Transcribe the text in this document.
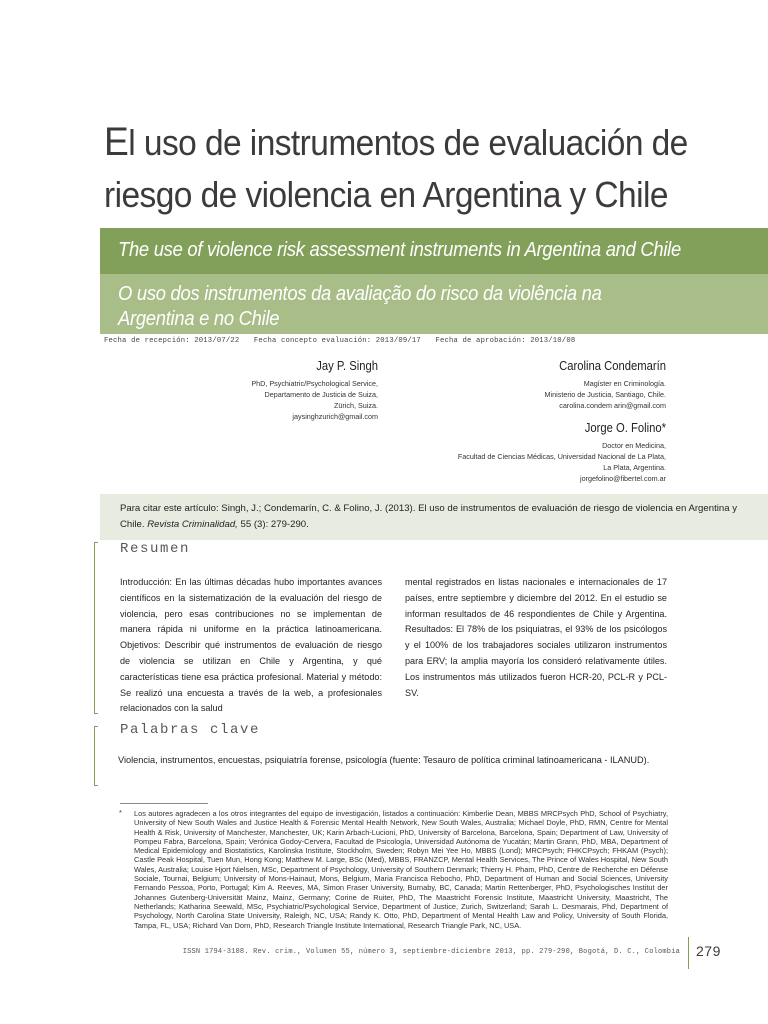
El uso de instrumentos de evaluación de
riesgo de violencia en Argentina y Chile
The use of violence risk assessment instruments in Argentina and Chile
O uso dos instrumentos da avaliação do risco da violência na
Argentina e no Chile
Fecha de recepción: 2013/07/22 Fecha concepto evaluación: 2013/09/17 Fecha de aprobación: 2013/10/08
Jay P. Singh
PhD, Psychiatric/Psychological Service,
Departamento de Justicia de Suiza,
Zürich, Suiza.
jaysinghzurich@gmail.com
Carolina Condemarín
Magíster en Criminología.
Ministerio de Justicia, Santiago, Chile.
carolina.condem arin@gmail.com
Jorge O. Folino*
Doctor en Medicina,
Facultad de Ciencias Médicas, Universidad Nacional de La Plata,
La Plata, Argentina.
jorgefolino@fibertel.com.ar
Para citar este artículo: Singh, J.; Condemarín, C. & Folino, J. (2013). El uso de instrumentos de evaluación de riesgo de violencia en Argentina y Chile. Revista Criminalidad, 55 (3): 279-290.
Resumen

Introducción: En las últimas décadas hubo importantes avances científicos en la sistematización de la evaluación del riesgo de violencia, pero esas contribuciones no se implementan de manera rápida ni uniforme en la práctica latinoamericana. Objetivos: Describir qué instrumentos de evaluación de riesgo de violencia se utilizan en Chile y Argentina, y qué características tiene esa práctica profesional. Material y método: Se realizó una encuesta a través de la web, a profesionales relacionados con la salud

mental registrados en listas nacionales e internacionales de 17 países, entre septiembre y diciembre del 2012. En el estudio se informan resultados de 46 respondientes de Chile y Argentina. Resultados: El 78% de los psiquiatras, el 93% de los psicólogos y el 100% de los trabajadores sociales utilizaron instrumentos para ERV; la amplia mayoría los consideró relativamente útiles. Los instrumentos más utilizados fueron HCR-20, PCL-R y PCL-SV.

Palabras clave
Violencia, instrumentos, encuestas, psiquiatría forense, psicología (fuente: Tesauro de política criminal latinoamericana - ILANUD).
* Los autores agradecen a los otros integrantes del equipo de investigación, listados a continuación: Kimberlie Dean, MBBS MRCPsych PhD, School of Psychiatry, University of New South Wales and Justice Health & Forensic Mental Health Network, New South Wales, Australia; Michael Doyle, PhD, RMN, Centre for Mental Health & Risk, University of Manchester, Manchester, UK; Karin Arbach-Lucioni, PhD, University of Barcelona, Barcelona, Spain; Department of Law, University of Pompeu Fabra, Barcelona, Spain; Verónica Godoy-Cervera, Facultad de Psicología, Universidad Autónoma de Yucatán; Martin Grann, PhD, MBA, Department of Medical Epidemiology and Biostatistics, Karolinska Institute, Stockholm, Sweden; Robyn Mei Yee Ho, MBBS (Lond); MRCPsych; FHKCPsych; FHKAM (Psych); Castle Peak Hospital, Tuen Mun, Hong Kong; Matthew M. Large, BSc (Med), MBBS, FRANZCP, Mental Health Services, The Prince of Wales Hospital, New South Wales, Australia; Louise Hjort Nielsen, MSc, Department of Psychology, University of Southern Denmark; Thierry H. Pham, PhD, Centre de Recherche en Défense Sociale, Tournai, Belgium; University of Mons-Hainaut, Mons, Belgium, Maria Francisca Rebocho, PhD, Department of Human and Social Sciences, University Fernando Pessoa, Porto, Portugal; Kim A. Reeves, MA, Simon Fraser University, Burnaby, BC, Canada; Martin Rettenberger, PhD, Psychologisches Institut der Johannes Gutenberg-Universität Mainz, Mainz, Germany; Corine de Ruiter, PhD, The Maastricht Forensic Institute, Maastricht University, Maastricht, The Netherlands; Katharina Seewald, MSc, Psychiatric/Psychological Service, Department of Justice, Zurich, Switzerland; Sarah L. Desmarais, Phd, Department of Psychology, North Carolina State University, Raleigh, NC, USA; Randy K. Otto, PhD, Department of Mental Health Law and Policy, University of South Florida, Tampa, FL, USA; Richard Van Dorn, PhD, Research Triangle Institute International, Research Triangle Park, NC, USA.
ISSN 1794-3108. Rev. crim., Volumen 55, número 3, septiembre-diciembre 2013, pp. 279-290, Bogotá, D. C., Colombia 279
